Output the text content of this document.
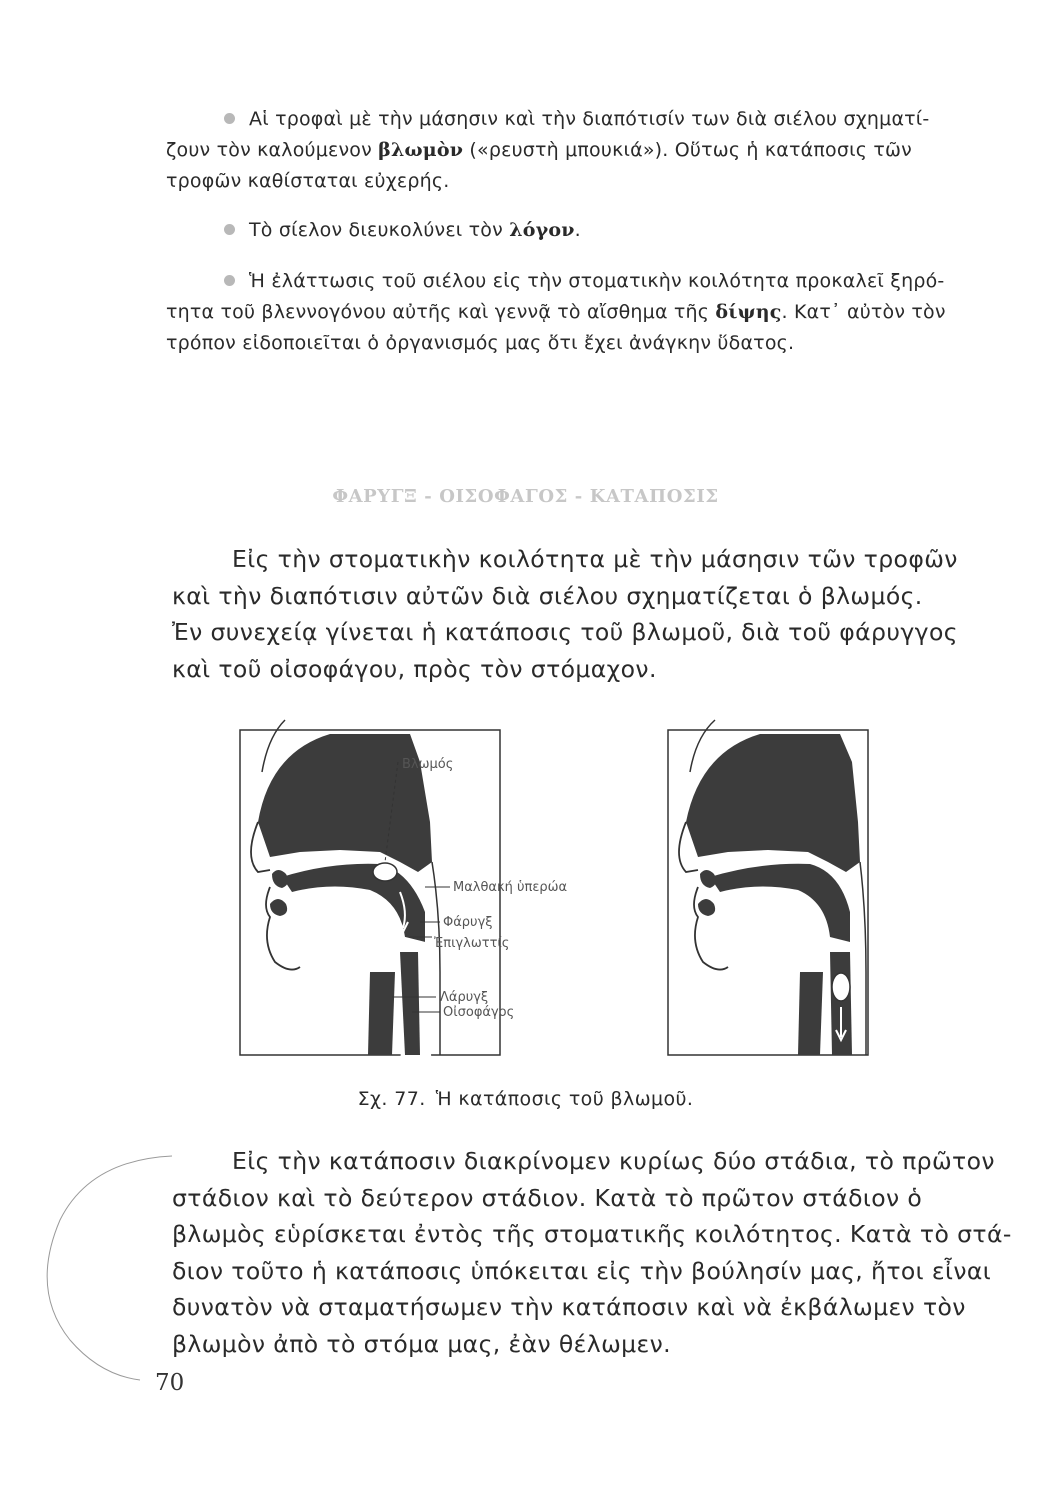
Αἱ τροφαὶ μὲ τὴν μάσησιν καὶ τὴν διαπότισίν των διὰ σιέλου σχηματί-
ζουν τὸν καλούμενον βλωμὸν («ρευστὴ μπουκιά»). Οὕτως ἡ κατάποσις τῶν
τροφῶν καθίσταται εὐχερής.
Τὸ σίελον διευκολύνει τὸν λόγον.
Ἡ ἐλάττωσις τοῦ σιέλου εἰς τὴν στοματικὴν κοιλότητα προκαλεῖ ξηρό-
τητα τοῦ βλεννογόνου αὐτῆς καὶ γεννᾷ τὸ αἴσθημα τῆς δίψης. Κατ᾽ αὐτὸν τὸν
τρόπον εἰδοποιεῖται ὁ ὀργανισμός μας ὅτι ἔχει ἀνάγκην ὕδατος.
ΦΑΡΥΓΞ - ΟΙΣΟΦΑΓΟΣ - ΚΑΤΑΠΟΣΙΣ
Εἰς τὴν στοματικὴν κοιλότητα μὲ τὴν μάσησιν τῶν τροφῶν
καὶ τὴν διαπότισιν αὐτῶν διὰ σιέλου σχηματίζεται ὁ βλωμός.
Ἐν συνεχείᾳ γίνεται ἡ κατάποσις τοῦ βλωμοῦ, διὰ τοῦ φάρυγγος
καὶ τοῦ οἰσοφάγου, πρὸς τὸν στόμαχον.
Βλωμός
Μαλθακή ὑπερώα
Φάρυγξ
Ἐπιγλωττίς
Λάρυγξ
Οἰσοφάγος
Σχ. 77. Ἡ κατάποσις τοῦ βλωμοῦ.
Εἰς τὴν κατάποσιν διακρίνομεν κυρίως δύο στάδια, τὸ πρῶτον
στάδιον καὶ τὸ δεύτερον στάδιον. Κατὰ τὸ πρῶτον στάδιον ὁ
βλωμὸς εὑρίσκεται ἐντὸς τῆς στοματικῆς κοιλότητος. Κατὰ τὸ στά-
διον τοῦτο ἡ κατάποσις ὑπόκειται εἰς τὴν βούλησίν μας, ἤτοι εἶναι
δυνατὸν νὰ σταματήσωμεν τὴν κατάποσιν καὶ νὰ ἐκβάλωμεν τὸν
βλωμὸν ἀπὸ τὸ στόμα μας, ἐὰν θέλωμεν.
70
